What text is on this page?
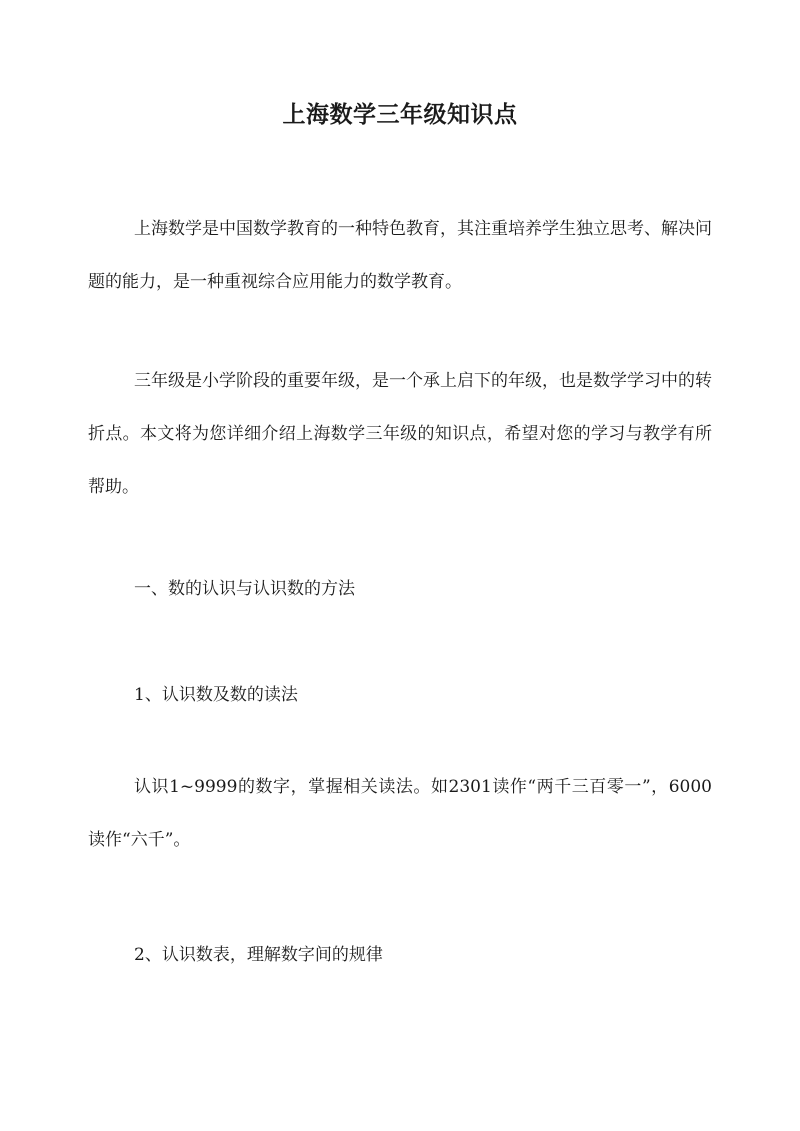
上海数学三年级知识点

上海数学是中国数学教育的一种特色教育，其注重培养学生独立思考、解决问题的能力，是一种重视综合应用能力的数学教育。

三年级是小学阶段的重要年级，是一个承上启下的年级，也是数学学习中的转折点。本文将为您详细介绍上海数学三年级的知识点，希望对您的学习与教学有所帮助。

一、数的认识与认识数的方法
1、认识数及数的读法

认识1~9999的数字，掌握相关读法。如2301读作“两千三百零一”，6000读作“六千”。

2、认识数表，理解数字间的规律
